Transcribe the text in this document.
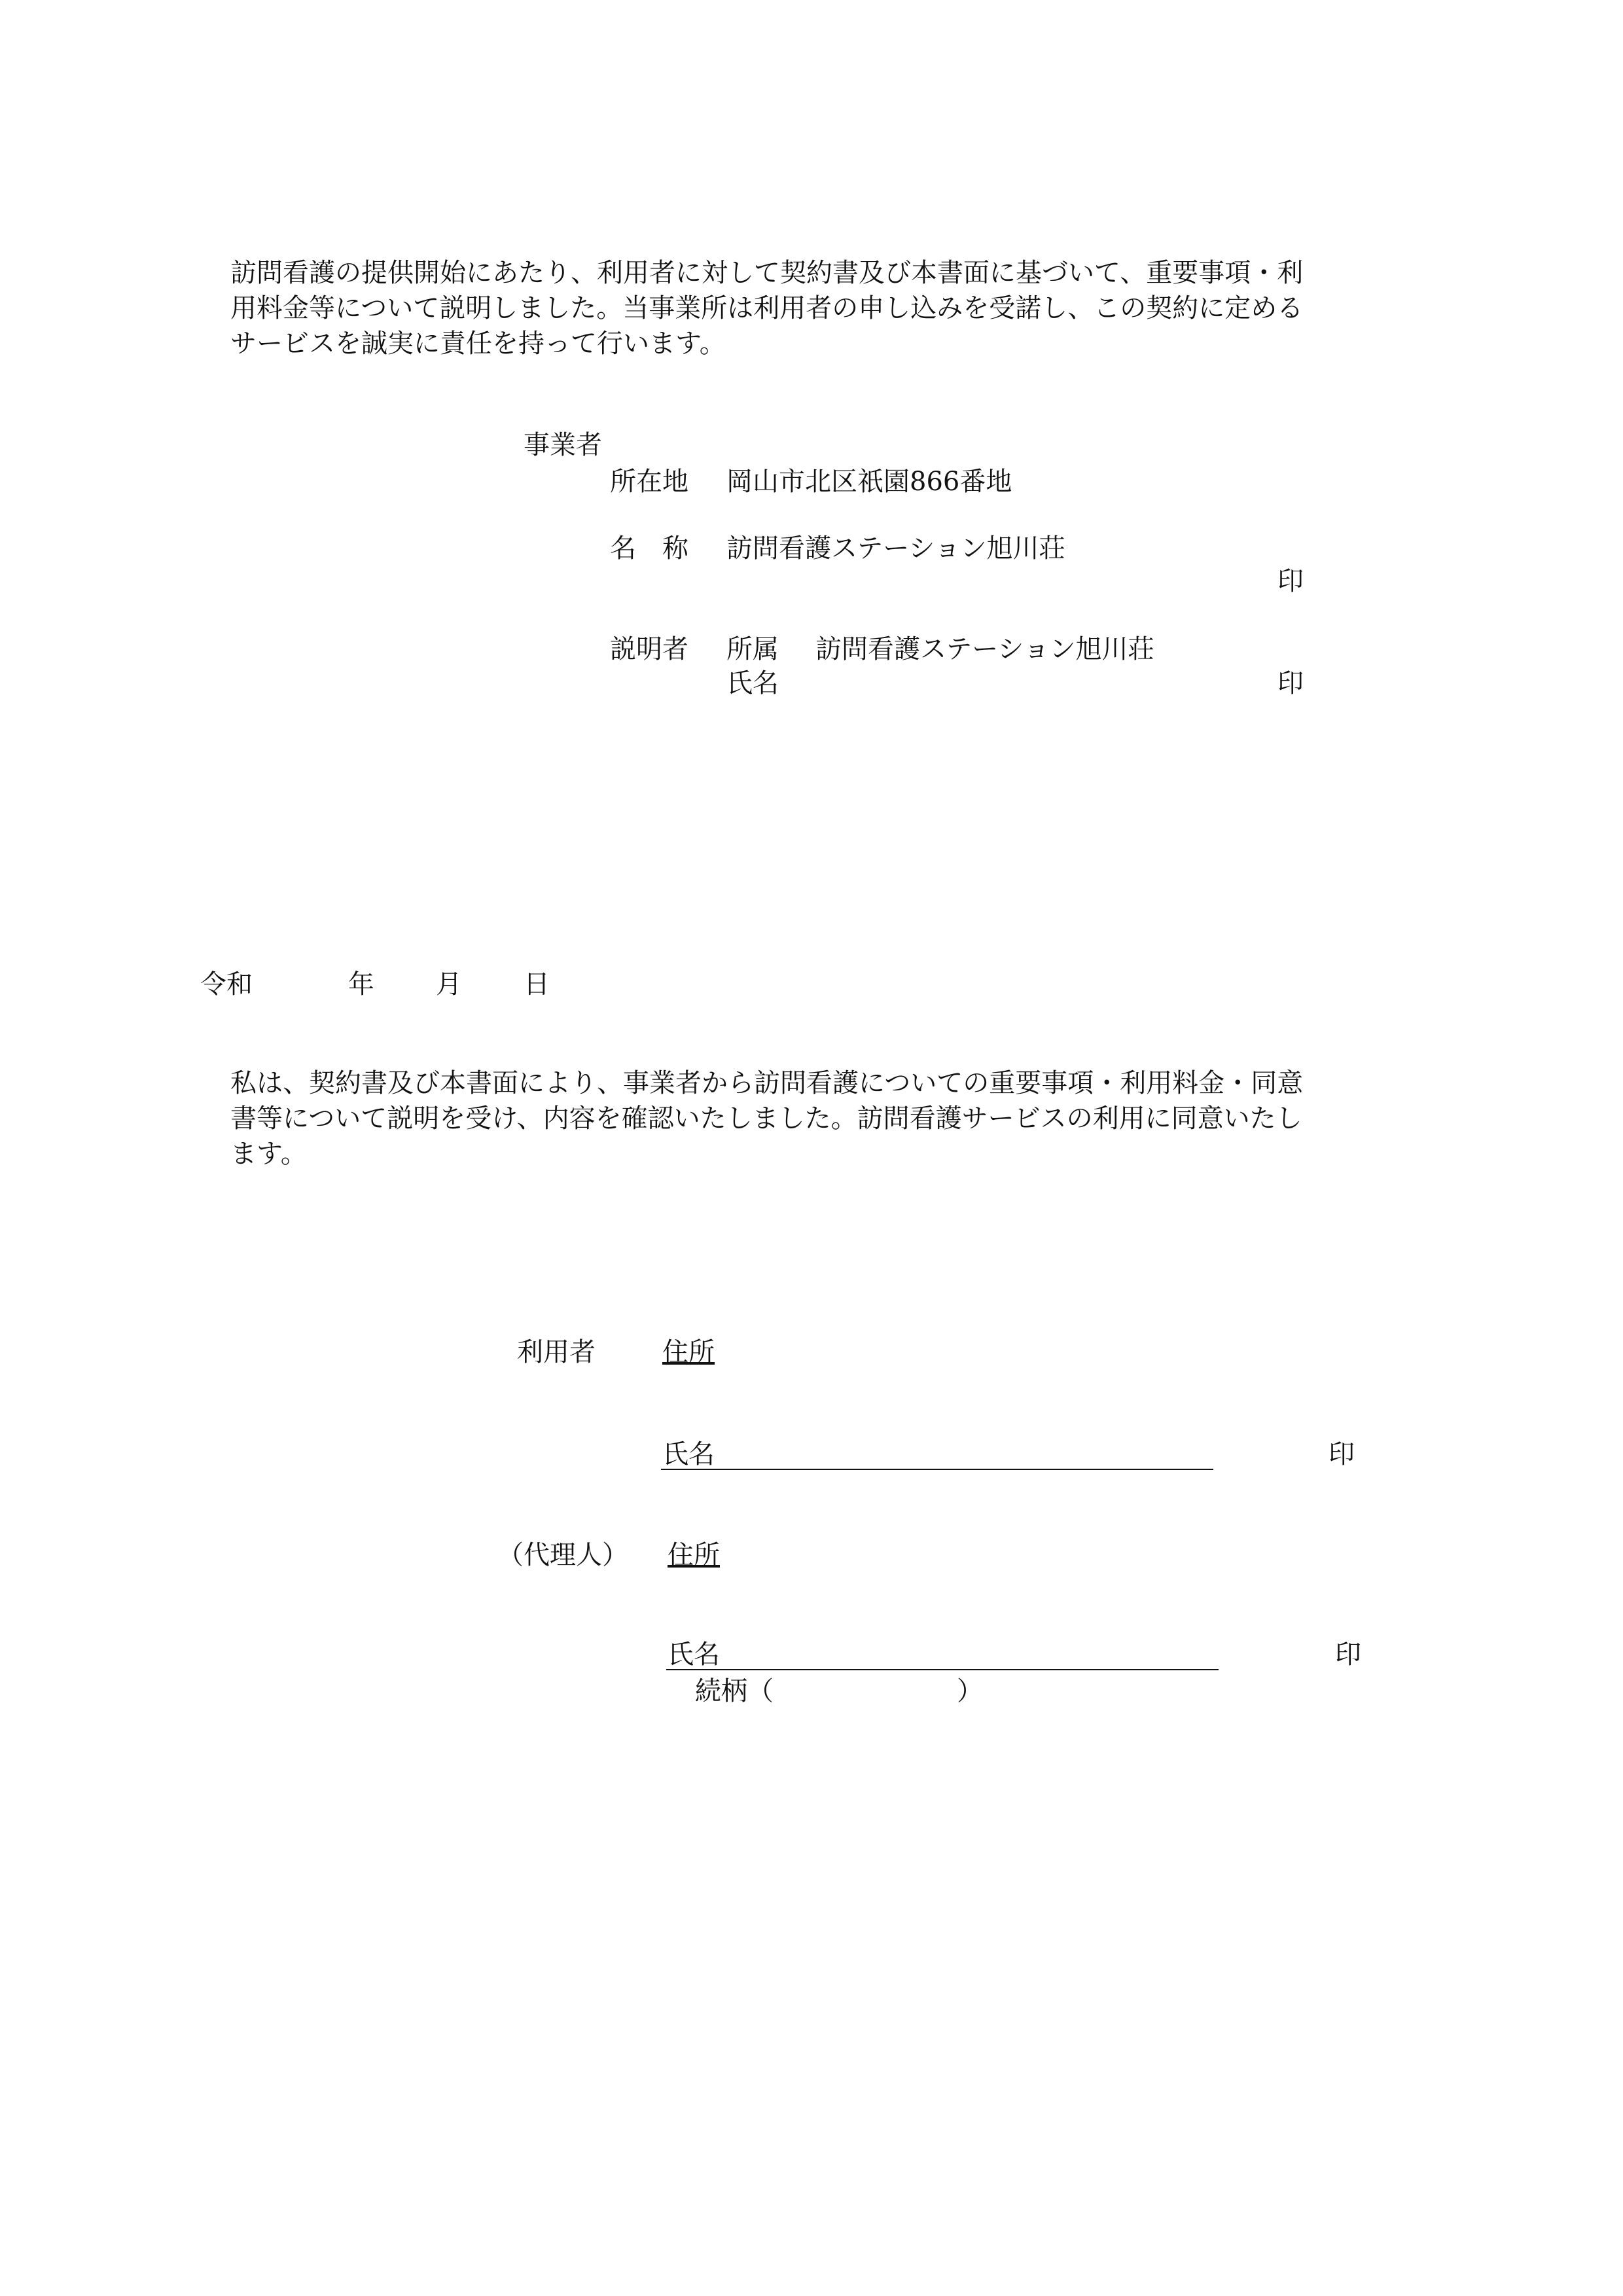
訪問看護の提供開始にあたり、利用者に対して契約書及び本書面に基づいて、重要事項・利
用料金等について説明しました。当事業所は利用者の申し込みを受諾し、この契約に定める
サービスを誠実に責任を持って行います。

事業者
所在地 岡山市北区祇園866番地
名　称 訪問看護ステーション旭川荘
印
説明者 所属 訪問看護ステーション旭川荘
氏名	印
令和	年 月 日

私は、契約書及び本書面により、事業者から訪問看護についての重要事項・利用料金・同意
書等について説明を受け、内容を確認いたしました。訪問看護サービスの利用に同意いたし
ます。

利用者	住所
氏名	印
（代理人） 住所
氏名	印
続柄（　　　　　　　）
